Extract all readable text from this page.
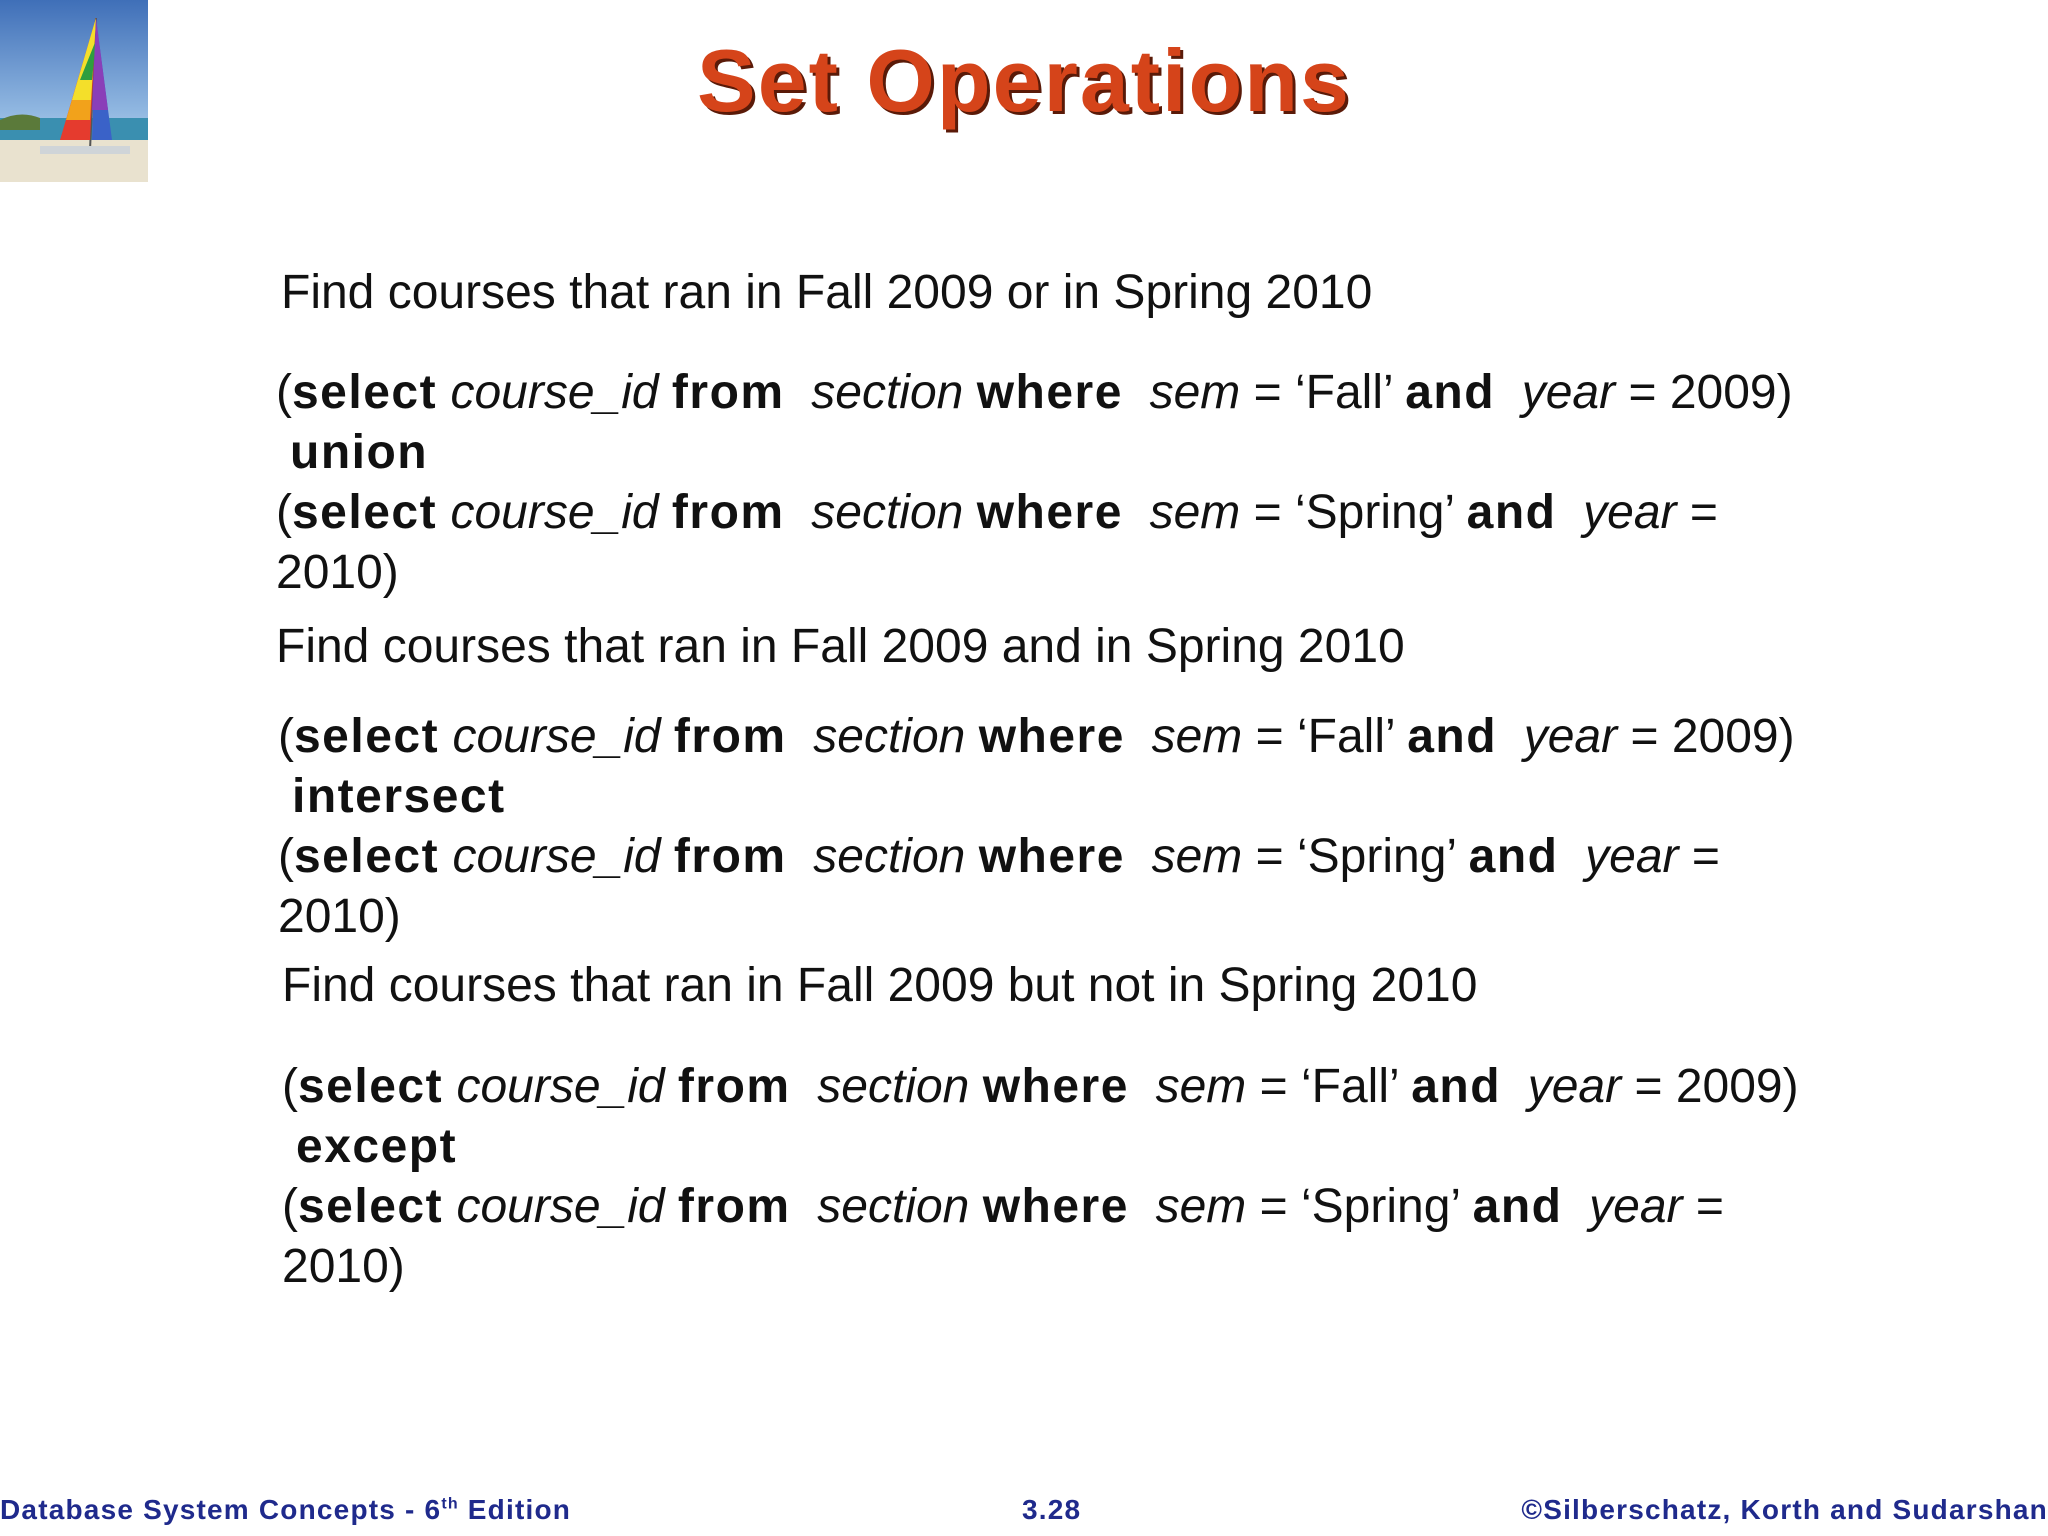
Set Operations
Find courses that ran in Fall 2009 or in Spring 2010
(select course_id from section where sem = ‘Fall’ and year = 2009)
union
(select course_id from section where sem = ‘Spring’ and year =
2010)
Find courses that ran in Fall 2009 and in Spring 2010
(select course_id from section where sem = ‘Fall’ and year = 2009)
intersect
(select course_id from section where sem = ‘Spring’ and year =
2010)
Find courses that ran in Fall 2009 but not in Spring 2010
(select course_id from section where sem = ‘Fall’ and year = 2009)
except
(select course_id from section where sem = ‘Spring’ and year =
2010)
Database System Concepts - 6th Edition	3.28	©Silberschatz, Korth and Sudarshan
